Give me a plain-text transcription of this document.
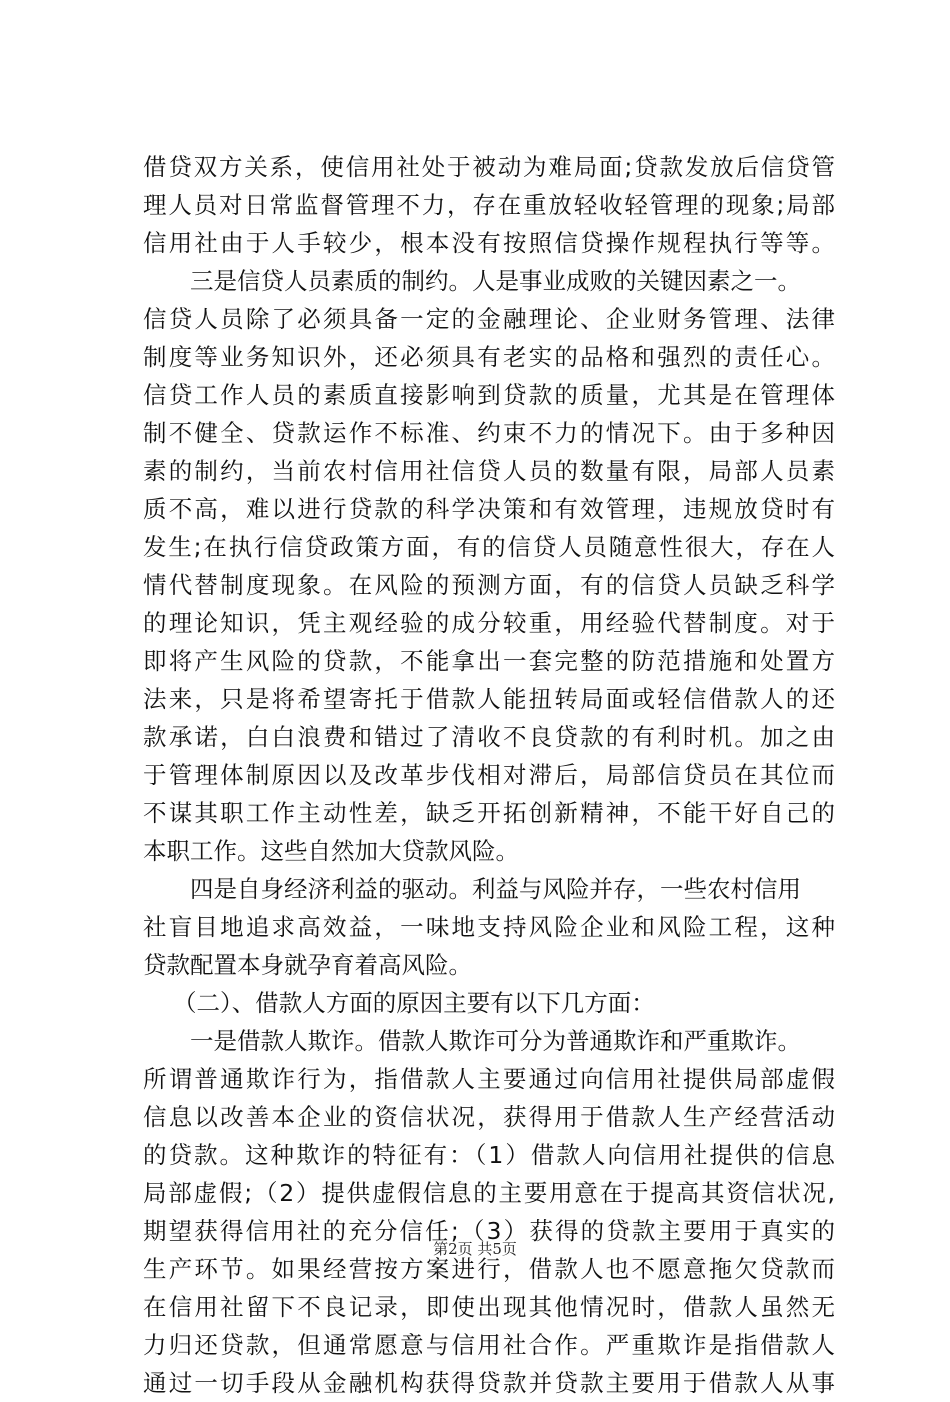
借贷双方关系，使信用社处于被动为难局面;贷款发放后信贷管
理人员对日常监督管理不力，存在重放轻收轻管理的现象;局部
信用社由于人手较少，根本没有按照信贷操作规程执行等等。
三是信贷人员素质的制约。人是事业成败的关键因素之一。
信贷人员除了必须具备一定的金融理论、企业财务管理、法律
制度等业务知识外，还必须具有老实的品格和强烈的责任心。
信贷工作人员的素质直接影响到贷款的质量，尤其是在管理体
制不健全、贷款运作不标准、约束不力的情况下。由于多种因
素的制约，当前农村信用社信贷人员的数量有限，局部人员素
质不高，难以进行贷款的科学决策和有效管理，违规放贷时有
发生;在执行信贷政策方面，有的信贷人员随意性很大，存在人
情代替制度现象。在风险的预测方面，有的信贷人员缺乏科学
的理论知识，凭主观经验的成分较重，用经验代替制度。对于
即将产生风险的贷款，不能拿出一套完整的防范措施和处置方
法来，只是将希望寄托于借款人能扭转局面或轻信借款人的还
款承诺，白白浪费和错过了清收不良贷款的有利时机。加之由
于管理体制原因以及改革步伐相对滞后，局部信贷员在其位而
不谋其职工作主动性差，缺乏开拓创新精神，不能干好自己的
本职工作。这些自然加大贷款风险。
四是自身经济利益的驱动。利益与风险并存，一些农村信用
社盲目地追求高效益，一味地支持风险企业和风险工程，这种
贷款配置本身就孕育着高风险。
（二）、借款人方面的原因主要有以下几方面：
一是借款人欺诈。借款人欺诈可分为普通欺诈和严重欺诈。
所谓普通欺诈行为，指借款人主要通过向信用社提供局部虚假
信息以改善本企业的资信状况，获得用于借款人生产经营活动
的贷款。这种欺诈的特征有：（1）借款人向信用社提供的信息
局部虚假;（2）提供虚假信息的主要用意在于提高其资信状况,
期望获得信用社的充分信任;（3）获得的贷款主要用于真实的
生产环节。如果经营按方案进行，借款人也不愿意拖欠贷款而
在信用社留下不良记录，即使出现其他情况时，借款人虽然无
力归还贷款，但通常愿意与信用社合作。严重欺诈是指借款人
通过一切手段从金融机构获得贷款并贷款主要用于借款人从事
第2页 共5页
